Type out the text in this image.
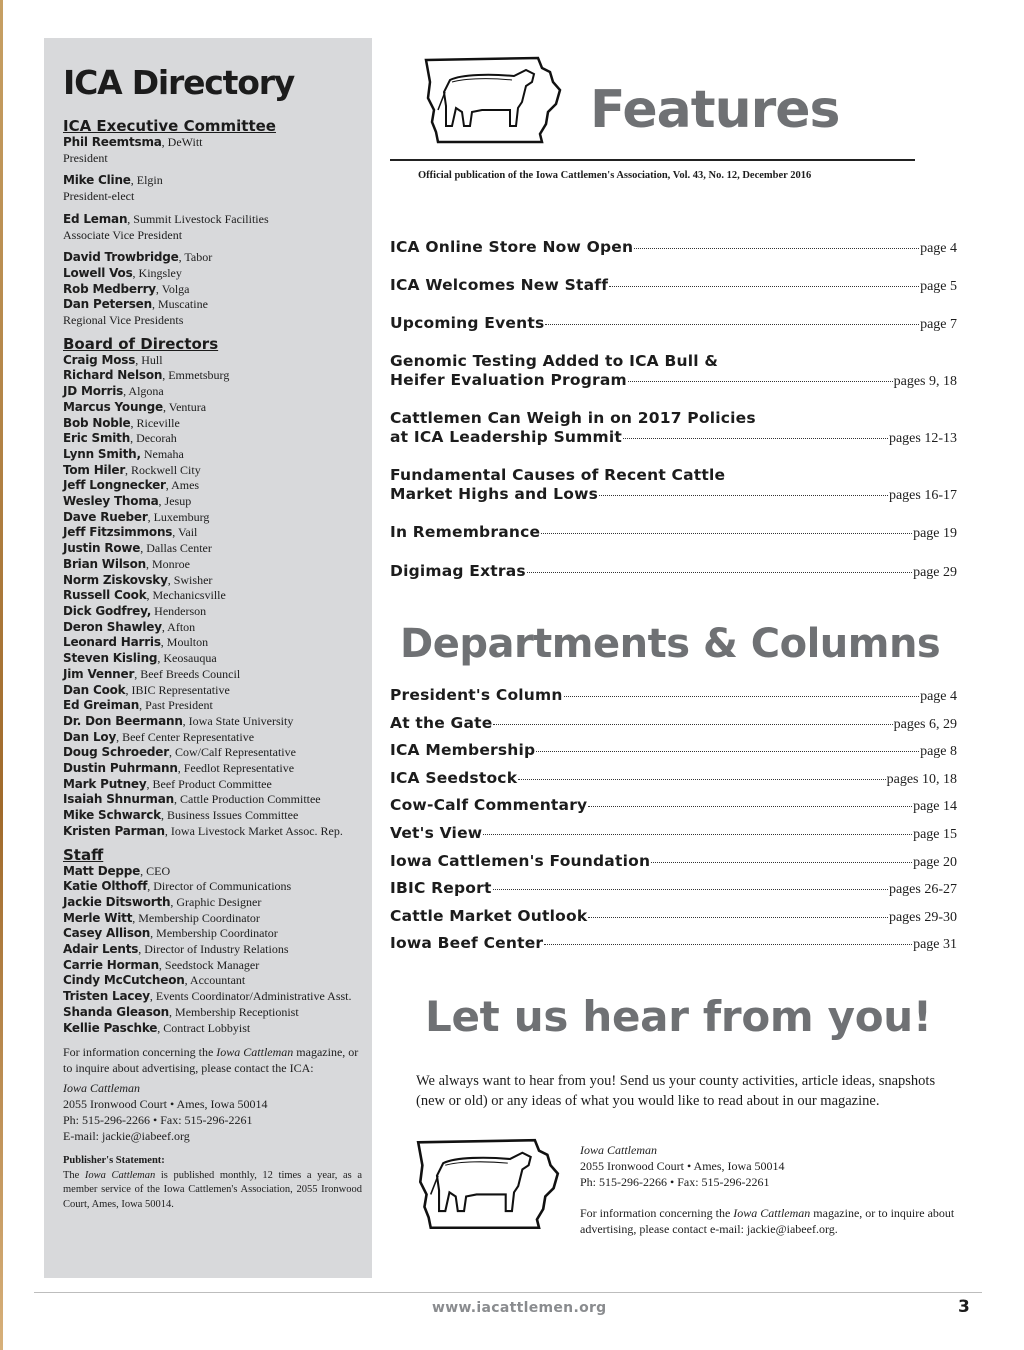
ICA Directory
ICA Executive Committee
Phil Reemtsma, DeWitt
President
Mike Cline, Elgin
President-elect
Ed Leman, Summit Livestock Facilities
Associate Vice President
David Trowbridge, Tabor
Lowell Vos, Kingsley
Rob Medberry, Volga
Dan Petersen, Muscatine
Regional Vice Presidents
Board of Directors
Craig Moss, Hull
Richard Nelson, Emmetsburg
JD Morris, Algona
Marcus Younge, Ventura
Bob Noble, Riceville
Eric Smith, Decorah
Lynn Smith, Nemaha
Tom Hiler, Rockwell City
Jeff Longnecker, Ames
Wesley Thoma, Jesup
Dave Rueber, Luxemburg
Jeff Fitzsimmons, Vail
Justin Rowe, Dallas Center
Brian Wilson, Monroe
Norm Ziskovsky, Swisher
Russell Cook, Mechanicsville
Dick Godfrey, Henderson
Deron Shawley, Afton
Leonard Harris, Moulton
Steven Kisling, Keosauqua
Jim Venner, Beef Breeds Council
Dan Cook, IBIC Representative
Ed Greiman, Past President
Dr. Don Beermann, Iowa State University
Dan Loy, Beef Center Representative
Doug Schroeder, Cow/Calf Representative
Dustin Puhrmann, Feedlot Representative
Mark Putney, Beef Product Committee
Isaiah Shnurman, Cattle Production Committee
Mike Schwarck, Business Issues Committee
Kristen Parman, Iowa Livestock Market Assoc. Rep.
Staff
Matt Deppe, CEO
Katie Olthoff, Director of Communications
Jackie Ditsworth, Graphic Designer
Merle Witt, Membership Coordinator
Casey Allison, Membership Coordinator
Adair Lents, Director of Industry Relations
Carrie Horman, Seedstock Manager
Cindy McCutcheon, Accountant
Tristen Lacey, Events Coordinator/Administrative Asst.
Shanda Gleason, Membership Receptionist
Kellie Paschke, Contract Lobbyist
For information concerning the Iowa Cattleman magazine, or to inquire about advertising, please contact the ICA:
Iowa Cattleman
2055 Ironwood Court • Ames, Iowa 50014
Ph: 515-296-2266 • Fax: 515-296-2261
E-mail: jackie@iabeef.org
Publisher's Statement:
The Iowa Cattleman is published monthly, 12 times a year, as a member service of the Iowa Cattlemen's Association, 2055 Ironwood Court, Ames, Iowa 50014.
Features
Official publication of the Iowa Cattlemen's Association, Vol. 43, No. 12, December 2016
ICA Online Store Now Open	page 4
ICA Welcomes New Staff	page 5
Upcoming Events	page 7
Genomic Testing Added to ICA Bull &
Heifer Evaluation Program	pages 9, 18
Cattlemen Can Weigh in on 2017 Policies
at ICA Leadership Summit	pages 12-13
Fundamental Causes of Recent Cattle
Market Highs and Lows	pages 16-17
In Remembrance	page 19
Digimag Extras	page 29
Departments & Columns
President's Column	page 4
At the Gate	pages 6, 29
ICA Membership	page 8
ICA Seedstock	pages 10, 18
Cow-Calf Commentary	page 14
Vet's View	page 15
Iowa Cattlemen's Foundation	page 20
IBIC Report	pages 26-27
Cattle Market Outlook	pages 29-30
Iowa Beef Center	page 31
Let us hear from you!
We always want to hear from you! Send us your county activities, article ideas, snapshots (new or old) or any ideas of what you would like to read about in our magazine.
Iowa Cattleman
2055 Ironwood Court • Ames, Iowa 50014
Ph: 515-296-2266 • Fax: 515-296-2261
For information concerning the Iowa Cattleman magazine, or to inquire about advertising, please contact e-mail: jackie@iabeef.org.
www.iacattlemen.org	3
